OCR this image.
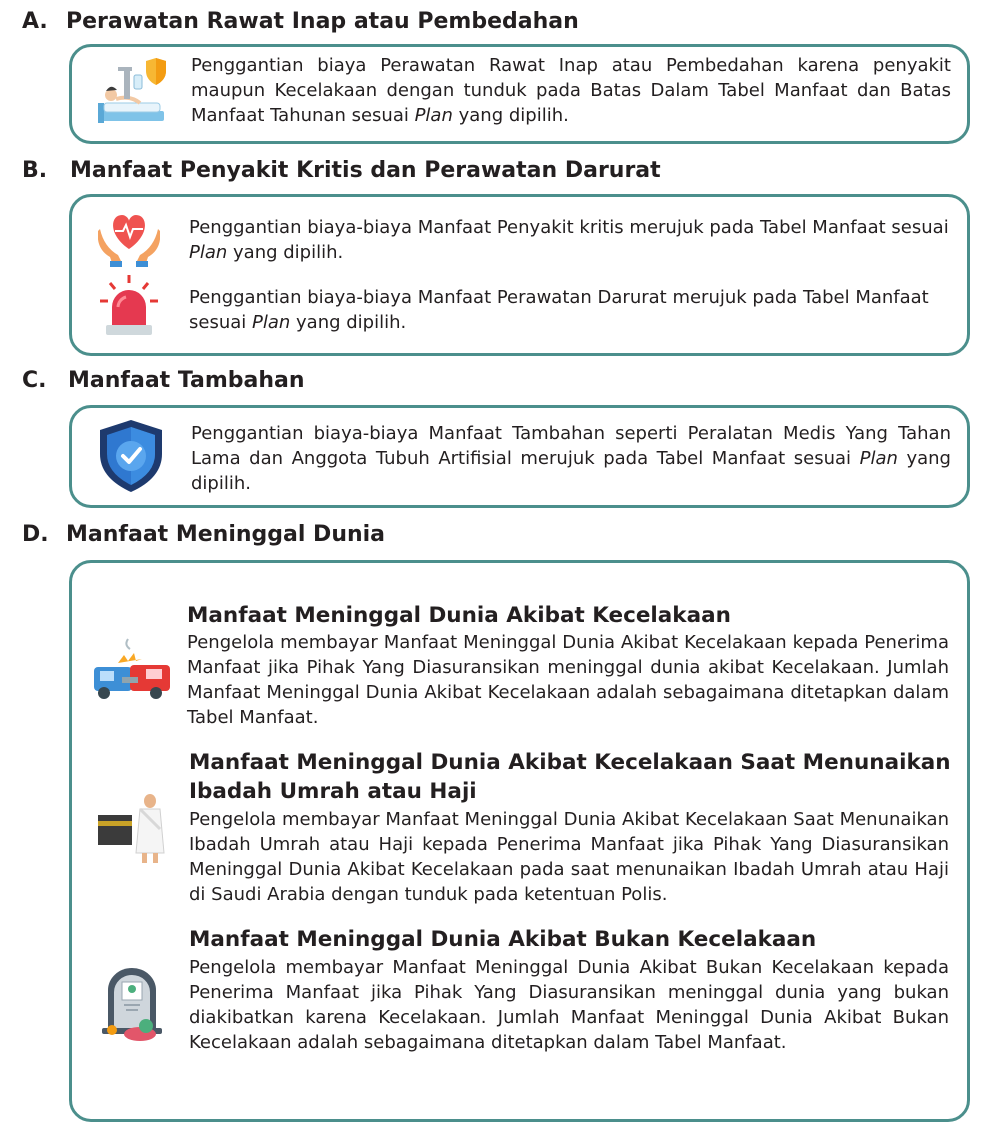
A. Perawatan Rawat Inap atau Pembedahan
Penggantian biaya Perawatan Rawat Inap atau Pembedahan karena penyakit maupun Kecelakaan dengan tunduk pada Batas Dalam Tabel Manfaat dan Batas Manfaat Tahunan sesuai Plan yang dipilih.
B. Manfaat Penyakit Kritis dan Perawatan Darurat
Penggantian biaya-biaya Manfaat Penyakit kritis merujuk pada Tabel Manfaat sesuai Plan yang dipilih.
Penggantian biaya-biaya Manfaat Perawatan Darurat merujuk pada Tabel Manfaat sesuai Plan yang dipilih.
C. Manfaat Tambahan
Penggantian biaya-biaya Manfaat Tambahan seperti Peralatan Medis Yang Tahan Lama dan Anggota Tubuh Artifisial merujuk pada Tabel Manfaat sesuai Plan yang dipilih.
D. Manfaat Meninggal Dunia
Manfaat Meninggal Dunia Akibat Kecelakaan
Pengelola membayar Manfaat Meninggal Dunia Akibat Kecelakaan kepada Penerima Manfaat jika Pihak Yang Diasuransikan meninggal dunia akibat Kecelakaan. Jumlah Manfaat Meninggal Dunia Akibat Kecelakaan adalah sebagaimana ditetapkan dalam Tabel Manfaat.
Manfaat Meninggal Dunia Akibat Kecelakaan Saat Menunaikan Ibadah Umrah atau Haji
Pengelola membayar Manfaat Meninggal Dunia Akibat Kecelakaan Saat Menunaikan Ibadah Umrah atau Haji kepada Penerima Manfaat jika Pihak Yang Diasuransikan Meninggal Dunia Akibat Kecelakaan pada saat menunaikan Ibadah Umrah atau Haji di Saudi Arabia dengan tunduk pada ketentuan Polis.
Manfaat Meninggal Dunia Akibat Bukan Kecelakaan
Pengelola membayar Manfaat Meninggal Dunia Akibat Bukan Kecelakaan kepada Penerima Manfaat jika Pihak Yang Diasuransikan meninggal dunia yang bukan diakibatkan karena Kecelakaan. Jumlah Manfaat Meninggal Dunia Akibat Bukan Kecelakaan adalah sebagaimana ditetapkan dalam Tabel Manfaat.
